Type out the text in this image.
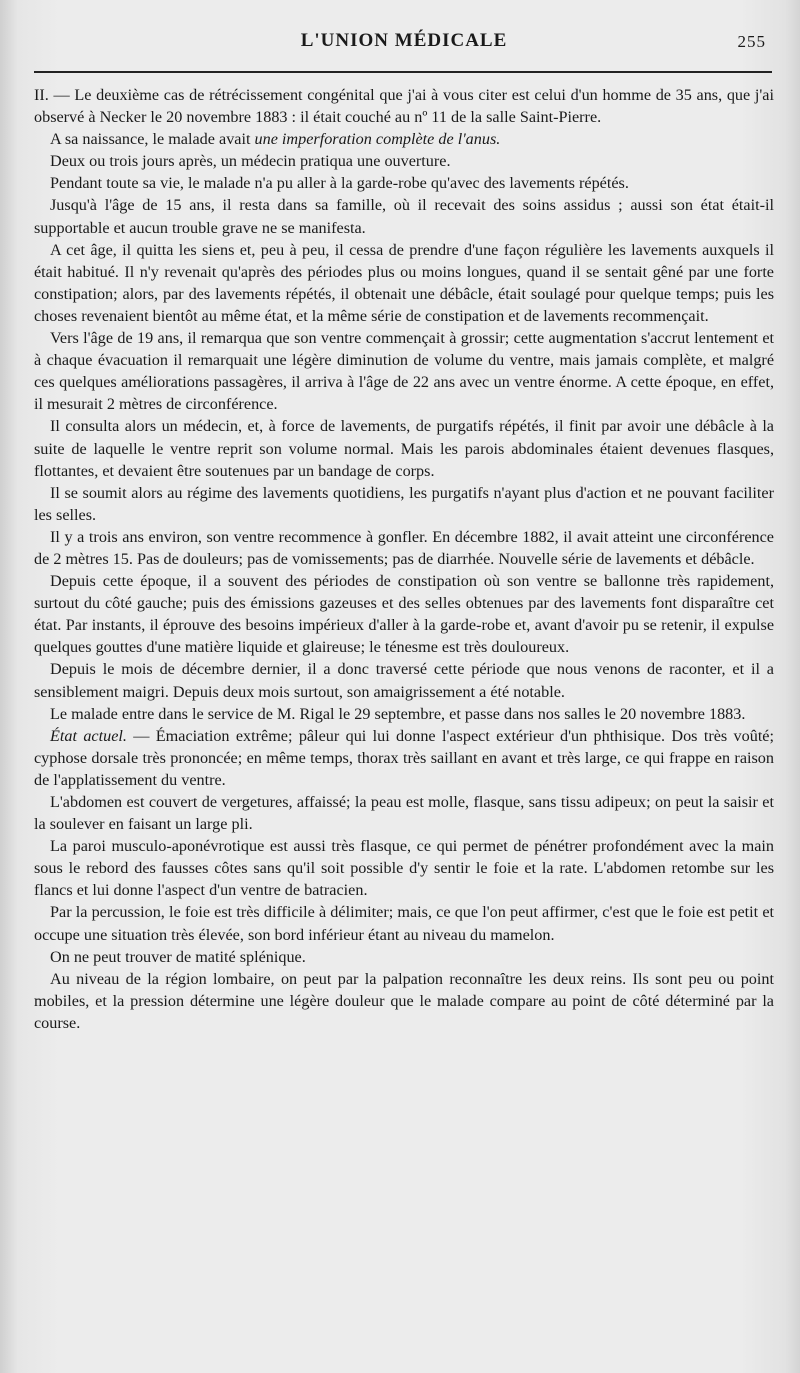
L'UNION MÉDICALE	255

II. — Le deuxième cas de rétrécissement congénital que j'ai à vous citer est celui d'un homme de 35 ans, que j'ai observé à Necker le 20 novembre 1883 : il était couché au nº 11 de la salle Saint-Pierre.

A sa naissance, le malade avait une imperforation complète de l'anus.

Deux ou trois jours après, un médecin pratiqua une ouverture.

Pendant toute sa vie, le malade n'a pu aller à la garde-robe qu'avec des lavements répétés.

Jusqu'à l'âge de 15 ans, il resta dans sa famille, où il recevait des soins assidus ; aussi son état était-il supportable et aucun trouble grave ne se manifesta.

A cet âge, il quitta les siens et, peu à peu, il cessa de prendre d'une façon régulière les lavements auxquels il était habitué. Il n'y revenait qu'après des périodes plus ou moins longues, quand il se sentait gêné par une forte constipation; alors, par des lavements répétés, il obtenait une débâcle, était soulagé pour quelque temps; puis les choses revenaient bientôt au même état, et la même série de constipation et de lavements recommençait.

Vers l'âge de 19 ans, il remarqua que son ventre commençait à grossir; cette augmentation s'accrut lentement et à chaque évacuation il remarquait une légère diminution de volume du ventre, mais jamais complète, et malgré ces quelques améliorations passagères, il arriva à l'âge de 22 ans avec un ventre énorme. A cette époque, en effet, il mesurait 2 mètres de circonférence.

Il consulta alors un médecin, et, à force de lavements, de purgatifs répétés, il finit par avoir une débâcle à la suite de laquelle le ventre reprit son volume normal. Mais les parois abdominales étaient devenues flasques, flottantes, et devaient être soutenues par un bandage de corps.

Il se soumit alors au régime des lavements quotidiens, les purgatifs n'ayant plus d'action et ne pouvant faciliter les selles.

Il y a trois ans environ, son ventre recommence à gonfler. En décembre 1882, il avait atteint une circonférence de 2 mètres 15. Pas de douleurs; pas de vomissements; pas de diarrhée. Nouvelle série de lavements et débâcle.

Depuis cette époque, il a souvent des périodes de constipation où son ventre se ballonne très rapidement, surtout du côté gauche; puis des émissions gazeuses et des selles obtenues par des lavements font disparaître cet état. Par instants, il éprouve des besoins impérieux d'aller à la garde-robe et, avant d'avoir pu se retenir, il expulse quelques gouttes d'une matière liquide et glaireuse; le ténesme est très douloureux.

Depuis le mois de décembre dernier, il a donc traversé cette période que nous venons de raconter, et il a sensiblement maigri. Depuis deux mois surtout, son amaigrissement a été notable.

Le malade entre dans le service de M. Rigal le 29 septembre, et passe dans nos salles le 20 novembre 1883.

État actuel. — Émaciation extrême; pâleur qui lui donne l'aspect extérieur d'un phthisique. Dos très voûté; cyphose dorsale très prononcée; en même temps, thorax très saillant en avant et très large, ce qui frappe en raison de l'applatissement du ventre.

L'abdomen est couvert de vergetures, affaissé; la peau est molle, flasque, sans tissu adipeux; on peut la saisir et la soulever en faisant un large pli.

La paroi musculo-aponévrotique est aussi très flasque, ce qui permet de pénétrer profondément avec la main sous le rebord des fausses côtes sans qu'il soit possible d'y sentir le foie et la rate. L'abdomen retombe sur les flancs et lui donne l'aspect d'un ventre de batracien.

Par la percussion, le foie est très difficile à délimiter; mais, ce que l'on peut affirmer, c'est que le foie est petit et occupe une situation très élevée, son bord inférieur étant au niveau du mamelon.

On ne peut trouver de matité splénique.

Au niveau de la région lombaire, on peut par la palpation reconnaître les deux reins. Ils sont peu ou point mobiles, et la pression détermine une légère douleur que le malade compare au point de côté déterminé par la course.
